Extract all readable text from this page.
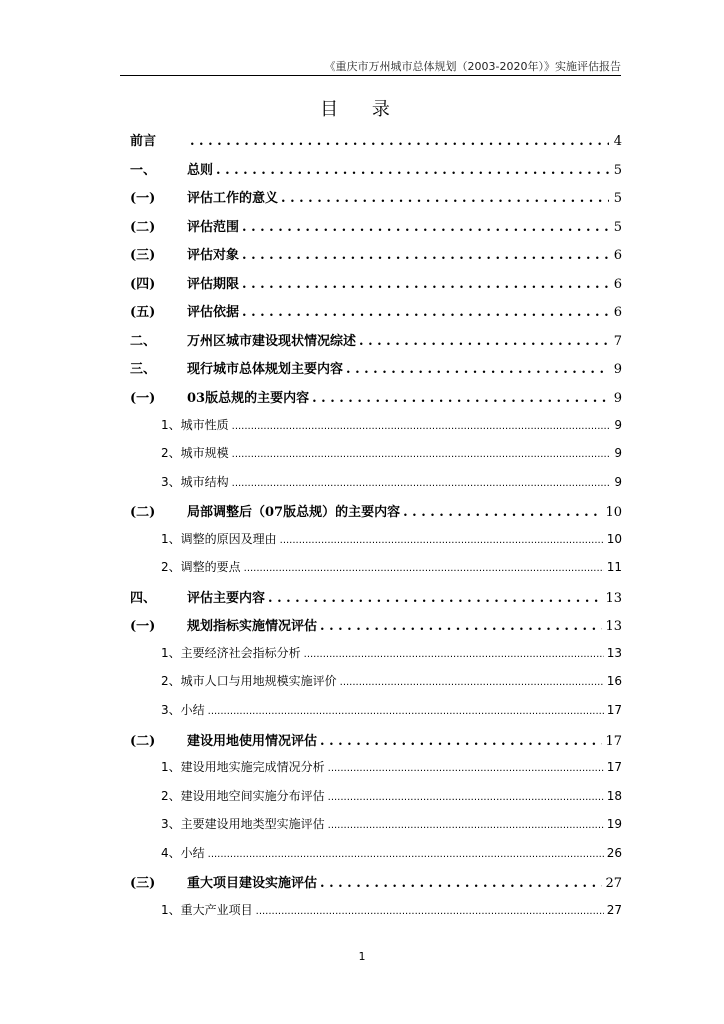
《重庆市万州城市总体规划（2003-2020年）》实施评估报告
目 录
前言 . . .	4
一、	总则 . . .	5
(一)	评估工作的意义 . . .	5
(二)	评估范围 . . .	5
(三)	评估对象 . . .	6
(四)	评估期限 . . .	6
(五)	评估依据 . . .	6
二、	万州区城市建设现状情况综述 . . .	7
三、	现行城市总体规划主要内容 . . .	9
(一)	03版总规的主要内容 . . .	9
1、城市性质 .....	9
2、城市规模 .....	9
3、城市结构 .....	9
(二)	局部调整后（07版总规）的主要内容 . . .	10
1、调整的原因及理由 .....	10
2、调整的要点 .....	11
四、	评估主要内容 . . .	13
(一)	规划指标实施情况评估 . . .	13
1、主要经济社会指标分析 .....	13
2、城市人口与用地规模实施评价 .....	16
3、小结 .....	17
(二)	建设用地使用情况评估 . . .	17
1、建设用地实施完成情况分析 .....	17
2、建设用地空间实施分布评估 .....	18
3、主要建设用地类型实施评估 .....	19
4、小结 .....	26
(三)	重大项目建设实施评估 . . .	27
1、重大产业项目 .....	27
1
